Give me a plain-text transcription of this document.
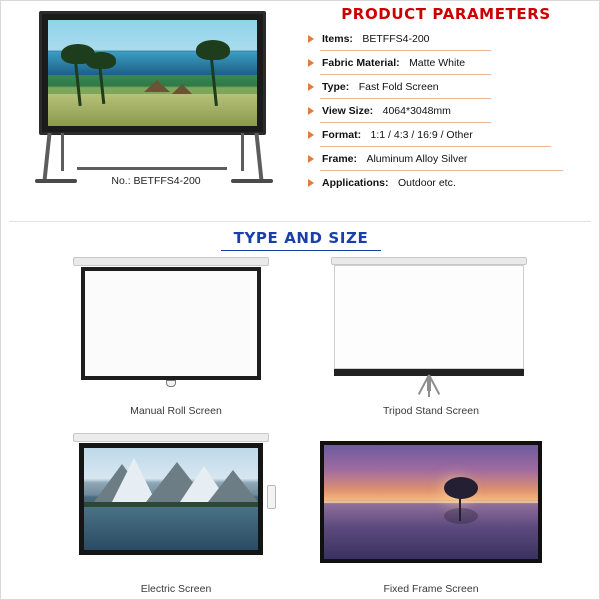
PRODUCT PARAMETERS
No.: BETFFS4-200
Items: BETFFS4-200
Fabric Material: Matte White
Type: Fast Fold Screen
View Size: 4064*3048mm
Format: 1:1 / 4:3 / 16:9 / Other
Frame: Aluminum Alloy Silver
Applications: Outdoor etc.
TYPE AND SIZE
Manual Roll Screen	Tripod Stand Screen
Electric Screen	Fixed Frame Screen
